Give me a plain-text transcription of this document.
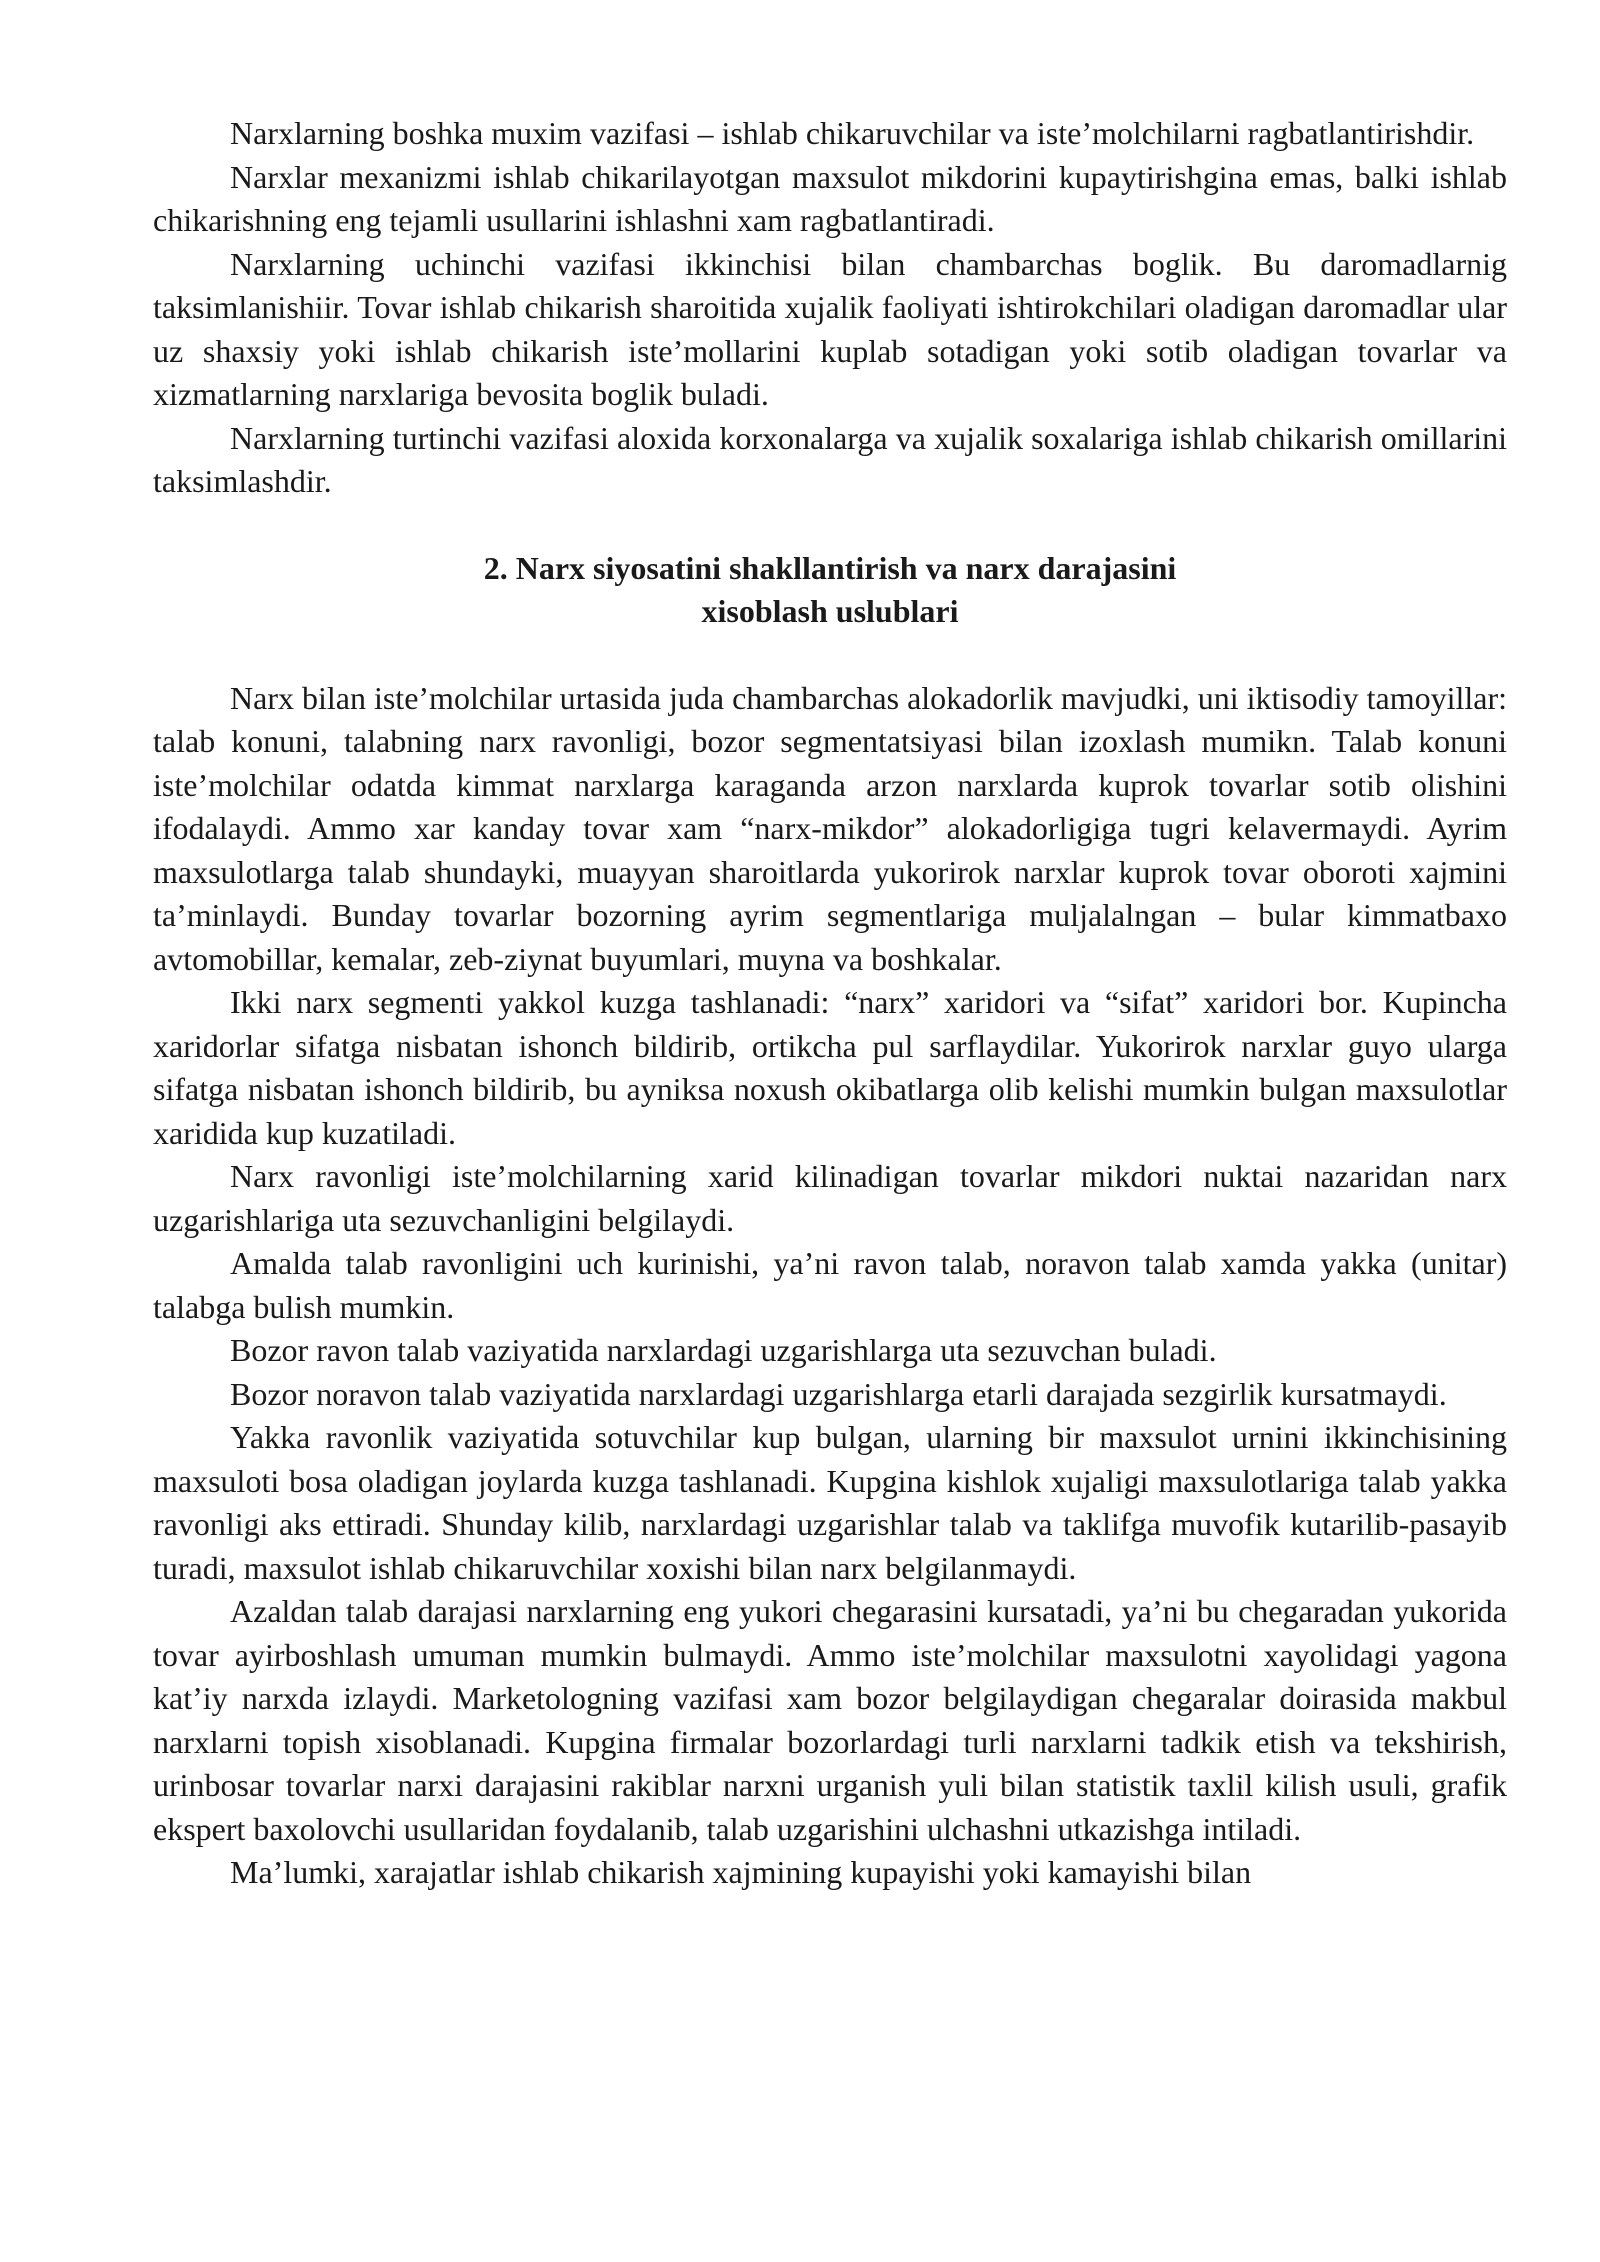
Narxlarning boshka muxim vazifasi – ishlab chikaruvchilar va iste’molchilarni ragbatlantirishdir.

Narxlar mexanizmi ishlab chikarilayotgan maxsulot mikdorini kupaytirishgina emas, balki ishlab chikarishning eng tejamli usullarini ishlashni xam ragbatlantiradi.

Narxlarning uchinchi vazifasi ikkinchisi bilan chambarchas boglik. Bu daromadlarnig taksimlanishiir. Tovar ishlab chikarish sharoitida xujalik faoliyati ishtirokchilari oladigan daromadlar ular uz shaxsiy yoki ishlab chikarish iste’mollarini kuplab sotadigan yoki sotib oladigan tovarlar va xizmatlarning narxlariga bevosita boglik buladi.

Narxlarning turtinchi vazifasi aloxida korxonalarga va xujalik soxalariga ishlab chikarish omillarini taksimlashdir.

2. Narx siyosatini shakllantirish va narx darajasini
xisoblash uslublari

Narx bilan iste’molchilar urtasida juda chambarchas alokadorlik mavjudki, uni iktisodiy tamoyillar: talab konuni, talabning narx ravonligi, bozor segmentatsiyasi bilan izoxlash mumikn. Talab konuni iste’molchilar odatda kimmat narxlarga karaganda arzon narxlarda kuprok tovarlar sotib olishini ifodalaydi. Ammo xar kanday tovar xam “narx-mikdor” alokadorligiga tugri kelavermaydi. Ayrim maxsulotlarga talab shundayki, muayyan sharoitlarda yukorirok narxlar kuprok tovar oboroti xajmini ta’minlaydi. Bunday tovarlar bozorning ayrim segmentlariga muljalalngan – bular kimmatbaxo avtomobillar, kemalar, zeb-ziynat buyumlari, muyna va boshkalar.

Ikki narx segmenti yakkol kuzga tashlanadi: “narx” xaridori va “sifat” xaridori bor. Kupincha xaridorlar sifatga nisbatan ishonch bildirib, ortikcha pul sarflaydilar. Yukorirok narxlar guyo ularga sifatga nisbatan ishonch bildirib, bu ayniksa noxush okibatlarga olib kelishi mumkin bulgan maxsulotlar xaridida kup kuzatiladi.

Narx ravonligi iste’molchilarning xarid kilinadigan tovarlar mikdori nuktai nazaridan narx uzgarishlariga uta sezuvchanligini belgilaydi.

Amalda talab ravonligini uch kurinishi, ya’ni ravon talab, noravon talab xamda yakka (unitar) talabga bulish mumkin.

Bozor ravon talab vaziyatida narxlardagi uzgarishlarga uta sezuvchan buladi.

Bozor noravon talab vaziyatida narxlardagi uzgarishlarga etarli darajada sezgirlik kursatmaydi.

Yakka ravonlik vaziyatida sotuvchilar kup bulgan, ularning bir maxsulot urnini ikkinchisining maxsuloti bosa oladigan joylarda kuzga tashlanadi. Kupgina kishlok xujaligi maxsulotlariga talab yakka ravonligi aks ettiradi. Shunday kilib, narxlardagi uzgarishlar talab va taklifga muvofik kutarilib-pasayib turadi, maxsulot ishlab chikaruvchilar xoxishi bilan narx belgilanmaydi.

Azaldan talab darajasi narxlarning eng yukori chegarasini kursatadi, ya’ni bu chegaradan yukorida tovar ayirboshlash umuman mumkin bulmaydi. Ammo iste’molchilar maxsulotni xayolidagi yagona kat’iy narxda izlaydi. Marketologning vazifasi xam bozor belgilaydigan chegaralar doirasida makbul narxlarni topish xisoblanadi. Kupgina firmalar bozorlardagi turli narxlarni tadkik etish va tekshirish, urinbosar tovarlar narxi darajasini rakiblar narxni urganish yuli bilan statistik taxlil kilish usuli, grafik ekspert baxolovchi usullaridan foydalanib, talab uzgarishini ulchashni utkazishga intiladi.

Ma’lumki, xarajatlar ishlab chikarish xajmining kupayishi yoki kamayishi bilan
